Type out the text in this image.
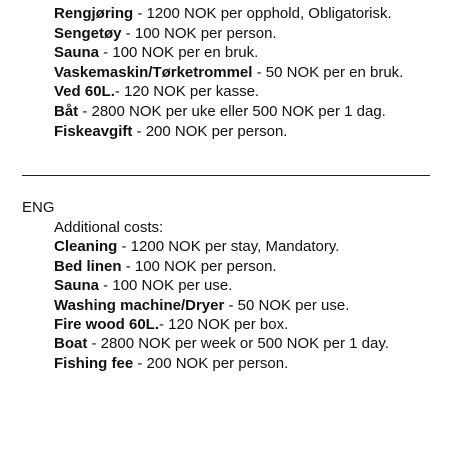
Rengjøring - 1200 NOK per opphold, Obligatorisk.
Sengetøy - 100 NOK per person.
Sauna - 100 NOK per en bruk.
Vaskemaskin/Tørketrommel - 50 NOK per en bruk.
Ved 60L.- 120 NOK per kasse.
Båt - 2800 NOK per uke eller 500 NOK per 1 dag.
Fiskeavgift - 200 NOK per person.
ENG
Additional costs:
Cleaning - 1200 NOK per stay, Mandatory.
Bed linen - 100 NOK per person.
Sauna - 100 NOK per use.
Washing machine/Dryer - 50 NOK per use.
Fire wood 60L.- 120 NOK per box.
Boat - 2800 NOK per week or 500 NOK per 1 day.
Fishing fee - 200 NOK per person.
